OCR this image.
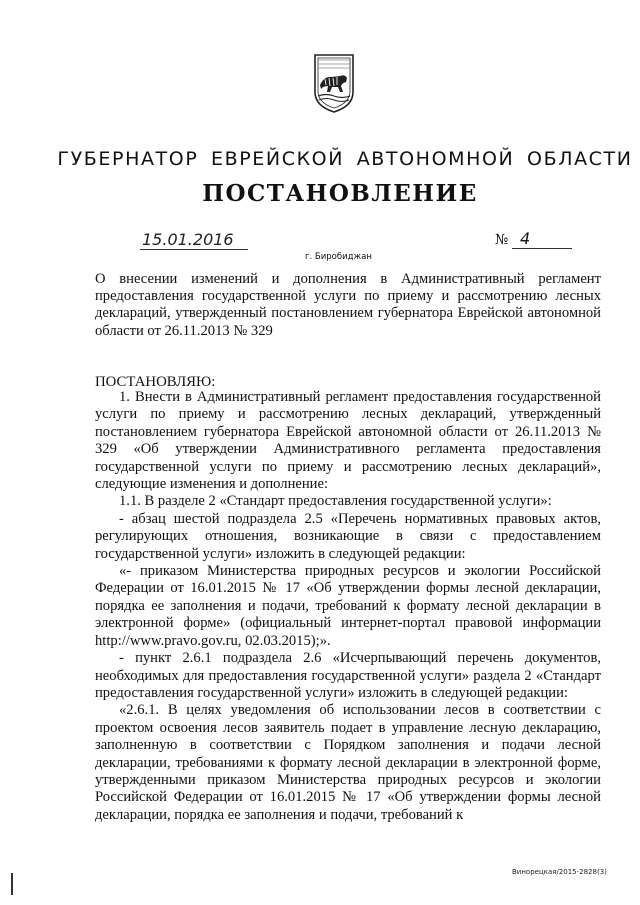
ГУБЕРНАТОР ЕВРЕЙСКОЙ АВТОНОМНОЙ ОБЛАСТИ
ПОСТАНОВЛЕНИЕ
15.01.2016	№ 4
г. Биробиджан
О внесении изменений и дополнения в Административный регламент предоставления государственной услуги по приему и рассмотрению лесных деклараций, утвержденный постановлением губернатора Еврейской автономной области от 26.11.2013 № 329
ПОСТАНОВЛЯЮ:

1. Внести в Административный регламент предоставления государственной услуги по приему и рассмотрению лесных деклараций, утвержденный постановлением губернатора Еврейской автономной области от 26.11.2013 № 329 «Об утверждении Административного регламента предоставления государственной услуги по приему и рассмотрению лесных деклараций», следующие изменения и дополнение:

1.1. В разделе 2 «Стандарт предоставления государственной услуги»:

- абзац шестой подраздела 2.5 «Перечень нормативных правовых актов, регулирующих отношения, возникающие в связи с предоставлением государственной услуги» изложить в следующей редакции:

«- приказом Министерства природных ресурсов и экологии Российской Федерации от 16.01.2015 № 17 «Об утверждении формы лесной декларации, порядка ее заполнения и подачи, требований к формату лесной декларации в электронной форме» (официальный интернет-портал правовой информации http://www.pravo.gov.ru, 02.03.2015);».

- пункт 2.6.1 подраздела 2.6 «Исчерпывающий перечень документов, необходимых для предоставления государственной услуги» раздела 2 «Стандарт предоставления государственной услуги» изложить в следующей редакции:

«2.6.1. В целях уведомления об использовании лесов в соответствии с проектом освоения лесов заявитель подает в управление лесную декларацию, заполненную в соответствии с Порядком заполнения и подачи лесной декларации, требованиями к формату лесной декларации в электронной форме, утвержденными приказом Министерства природных ресурсов и экологии Российской Федерации от 16.01.2015 № 17 «Об утверждении формы лесной декларации, порядка ее заполнения и подачи, требований к

Винорецкая/2015-2828(3)
